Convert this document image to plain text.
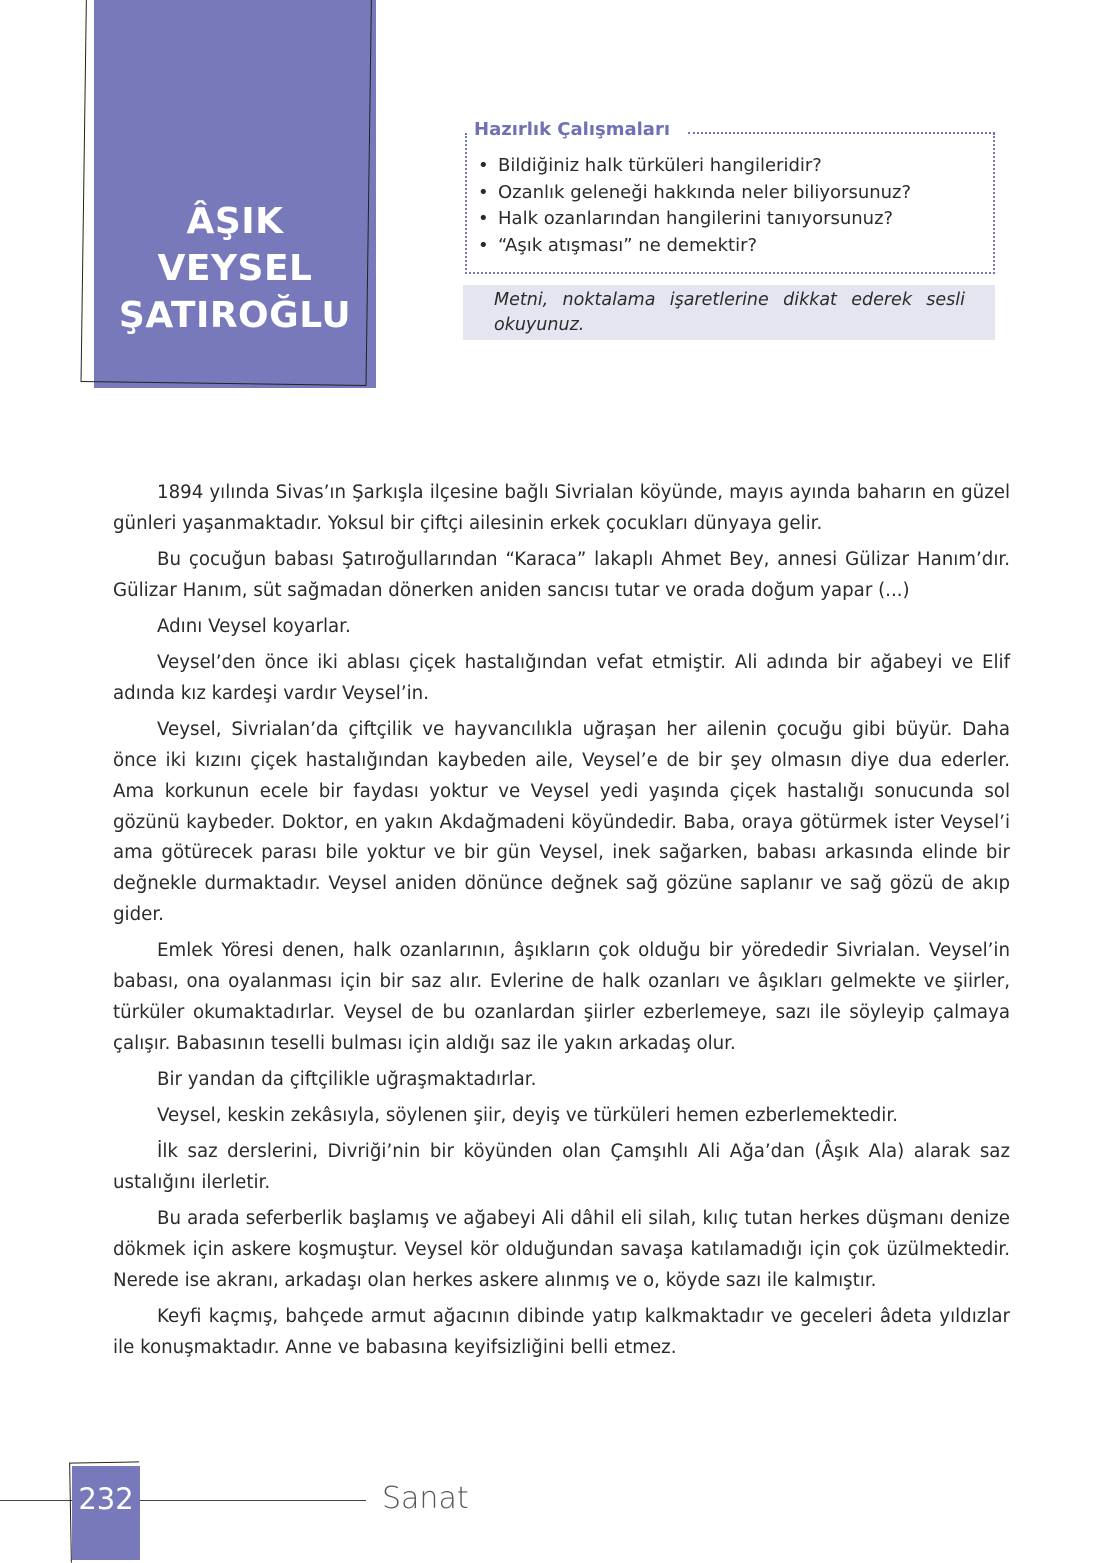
ÂŞIK
VEYSEL
ŞATIROĞLU
Hazırlık Çalışmaları
• Bildiğiniz halk türküleri hangileridir?
• Ozanlık geleneği hakkında neler biliyorsunuz?
• Halk ozanlarından hangilerini tanıyorsunuz?
• “Aşık atışması” ne demektir?
Metni, noktalama işaretlerine dikkat ederek sesli okuyunuz.

1894 yılında Sivas’ın Şarkışla ilçesine bağlı Sivrialan köyünde, mayıs ayında baharın en güzel günleri yaşanmaktadır. Yoksul bir çiftçi ailesinin erkek çocukları dünyaya gelir.

Bu çocuğun babası Şatıroğullarından “Karaca” lakaplı Ahmet Bey, annesi Gülizar Hanım’dır. Gülizar Hanım, süt sağmadan dönerken aniden sancısı tutar ve orada doğum yapar (...)

Adını Veysel koyarlar.

Veysel’den önce iki ablası çiçek hastalığından vefat etmiştir. Ali adında bir ağabeyi ve Elif adında kız kardeşi vardır Veysel’in.

Veysel, Sivrialan’da çiftçilik ve hayvancılıkla uğraşan her ailenin çocuğu gibi büyür. Daha önce iki kızını çiçek hastalığından kaybeden aile, Veysel’e de bir şey olmasın diye dua ederler. Ama korkunun ecele bir faydası yoktur ve Veysel yedi yaşında çiçek hastalığı sonucunda sol gözünü kaybeder. Doktor, en yakın Akdağmadeni köyündedir. Baba, oraya götürmek ister Veysel’i ama götürecek parası bile yoktur ve bir gün Veysel, inek sağarken, babası arkasında elinde bir değnekle durmaktadır. Veysel aniden dönünce değnek sağ gözüne saplanır ve sağ gözü de akıp gider.

Emlek Yöresi denen, halk ozanlarının, âşıkların çok olduğu bir yörededir Sivrialan. Veysel’in babası, ona oyalanması için bir saz alır. Evlerine de halk ozanları ve âşıkları gelmekte ve şiirler, türküler okumaktadırlar. Veysel de bu ozanlardan şiirler ezberlemeye, sazı ile söyleyip çalmaya çalışır. Babasının teselli bulması için aldığı saz ile yakın arkadaş olur.

Bir yandan da çiftçilikle uğraşmaktadırlar.

Veysel, keskin zekâsıyla, söylenen şiir, deyiş ve türküleri hemen ezberlemektedir.

İlk saz derslerini, Divriği’nin bir köyünden olan Çamşıhlı Ali Ağa’dan (Âşık Ala) alarak saz ustalığını ilerletir.

Bu arada seferberlik başlamış ve ağabeyi Ali dâhil eli silah, kılıç tutan herkes düşmanı denize dökmek için askere koşmuştur. Veysel kör olduğundan savaşa katılamadığı için çok üzülmektedir. Nerede ise akranı, arkadaşı olan herkes askere alınmış ve o, köyde sazı ile kalmıştır.

Keyfi kaçmış, bahçede armut ağacının dibinde yatıp kalkmaktadır ve geceleri âdeta yıldızlar ile konuşmaktadır. Anne ve babasına keyifsizliğini belli etmez.

232	Sanat
